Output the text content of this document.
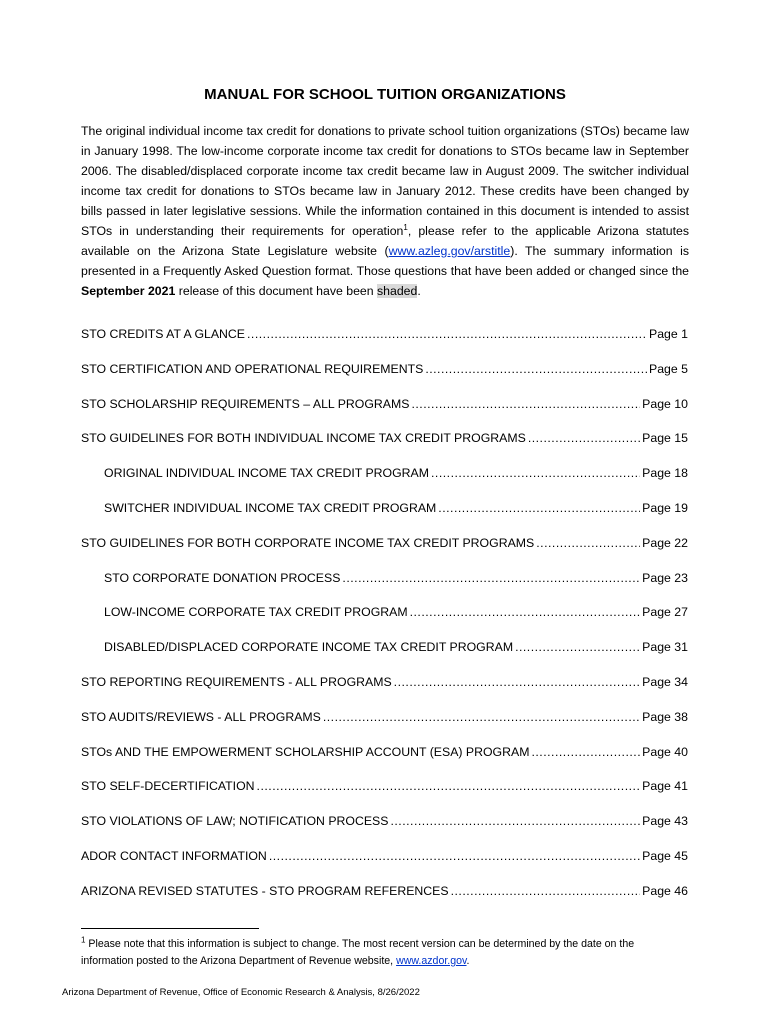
MANUAL FOR SCHOOL TUITION ORGANIZATIONS
The original individual income tax credit for donations to private school tuition organizations (STOs) became law in January 1998. The low-income corporate income tax credit for donations to STOs became law in September 2006. The disabled/displaced corporate income tax credit became law in August 2009. The switcher individual income tax credit for donations to STOs became law in January 2012. These credits have been changed by bills passed in later legislative sessions. While the information contained in this document is intended to assist STOs in understanding their requirements for operation$^1$, please refer to the applicable Arizona statutes available on the Arizona State Legislature website (www.azleg.gov/arstitle). The summary information is presented in a Frequently Asked Question format. Those questions that have been added or changed since the September 2021 release of this document have been shaded.
STO CREDITS AT A GLANCE .....	Page 1
STO CERTIFICATION AND OPERATIONAL REQUIREMENTS .....	Page 5
STO SCHOLARSHIP REQUIREMENTS – ALL PROGRAMS .....	Page 10
STO GUIDELINES FOR BOTH INDIVIDUAL INCOME TAX CREDIT PROGRAMS .....	Page 15
ORIGINAL INDIVIDUAL INCOME TAX CREDIT PROGRAM .....	Page 18
SWITCHER INDIVIDUAL INCOME TAX CREDIT PROGRAM .....	Page 19
STO GUIDELINES FOR BOTH CORPORATE INCOME TAX CREDIT PROGRAMS .....	Page 22
STO CORPORATE DONATION PROCESS .....	Page 23
LOW-INCOME CORPORATE TAX CREDIT PROGRAM .....	Page 27
DISABLED/DISPLACED CORPORATE INCOME TAX CREDIT PROGRAM .....	Page 31
STO REPORTING REQUIREMENTS - ALL PROGRAMS .....	Page 34
STO AUDITS/REVIEWS - ALL PROGRAMS .....	Page 38
STOs AND THE EMPOWERMENT SCHOLARSHIP ACCOUNT (ESA) PROGRAM .....	Page 40
STO SELF-DECERTIFICATION .....	Page 41
STO VIOLATIONS OF LAW; NOTIFICATION PROCESS .....	Page 43
ADOR CONTACT INFORMATION .....	Page 45
ARIZONA REVISED STATUTES - STO PROGRAM REFERENCES .....	Page 46
$^1$ Please note that this information is subject to change. The most recent version can be determined by the date on the information posted to the Arizona Department of Revenue website, www.azdor.gov.
Arizona Department of Revenue, Office of Economic Research & Analysis, 8/26/2022
